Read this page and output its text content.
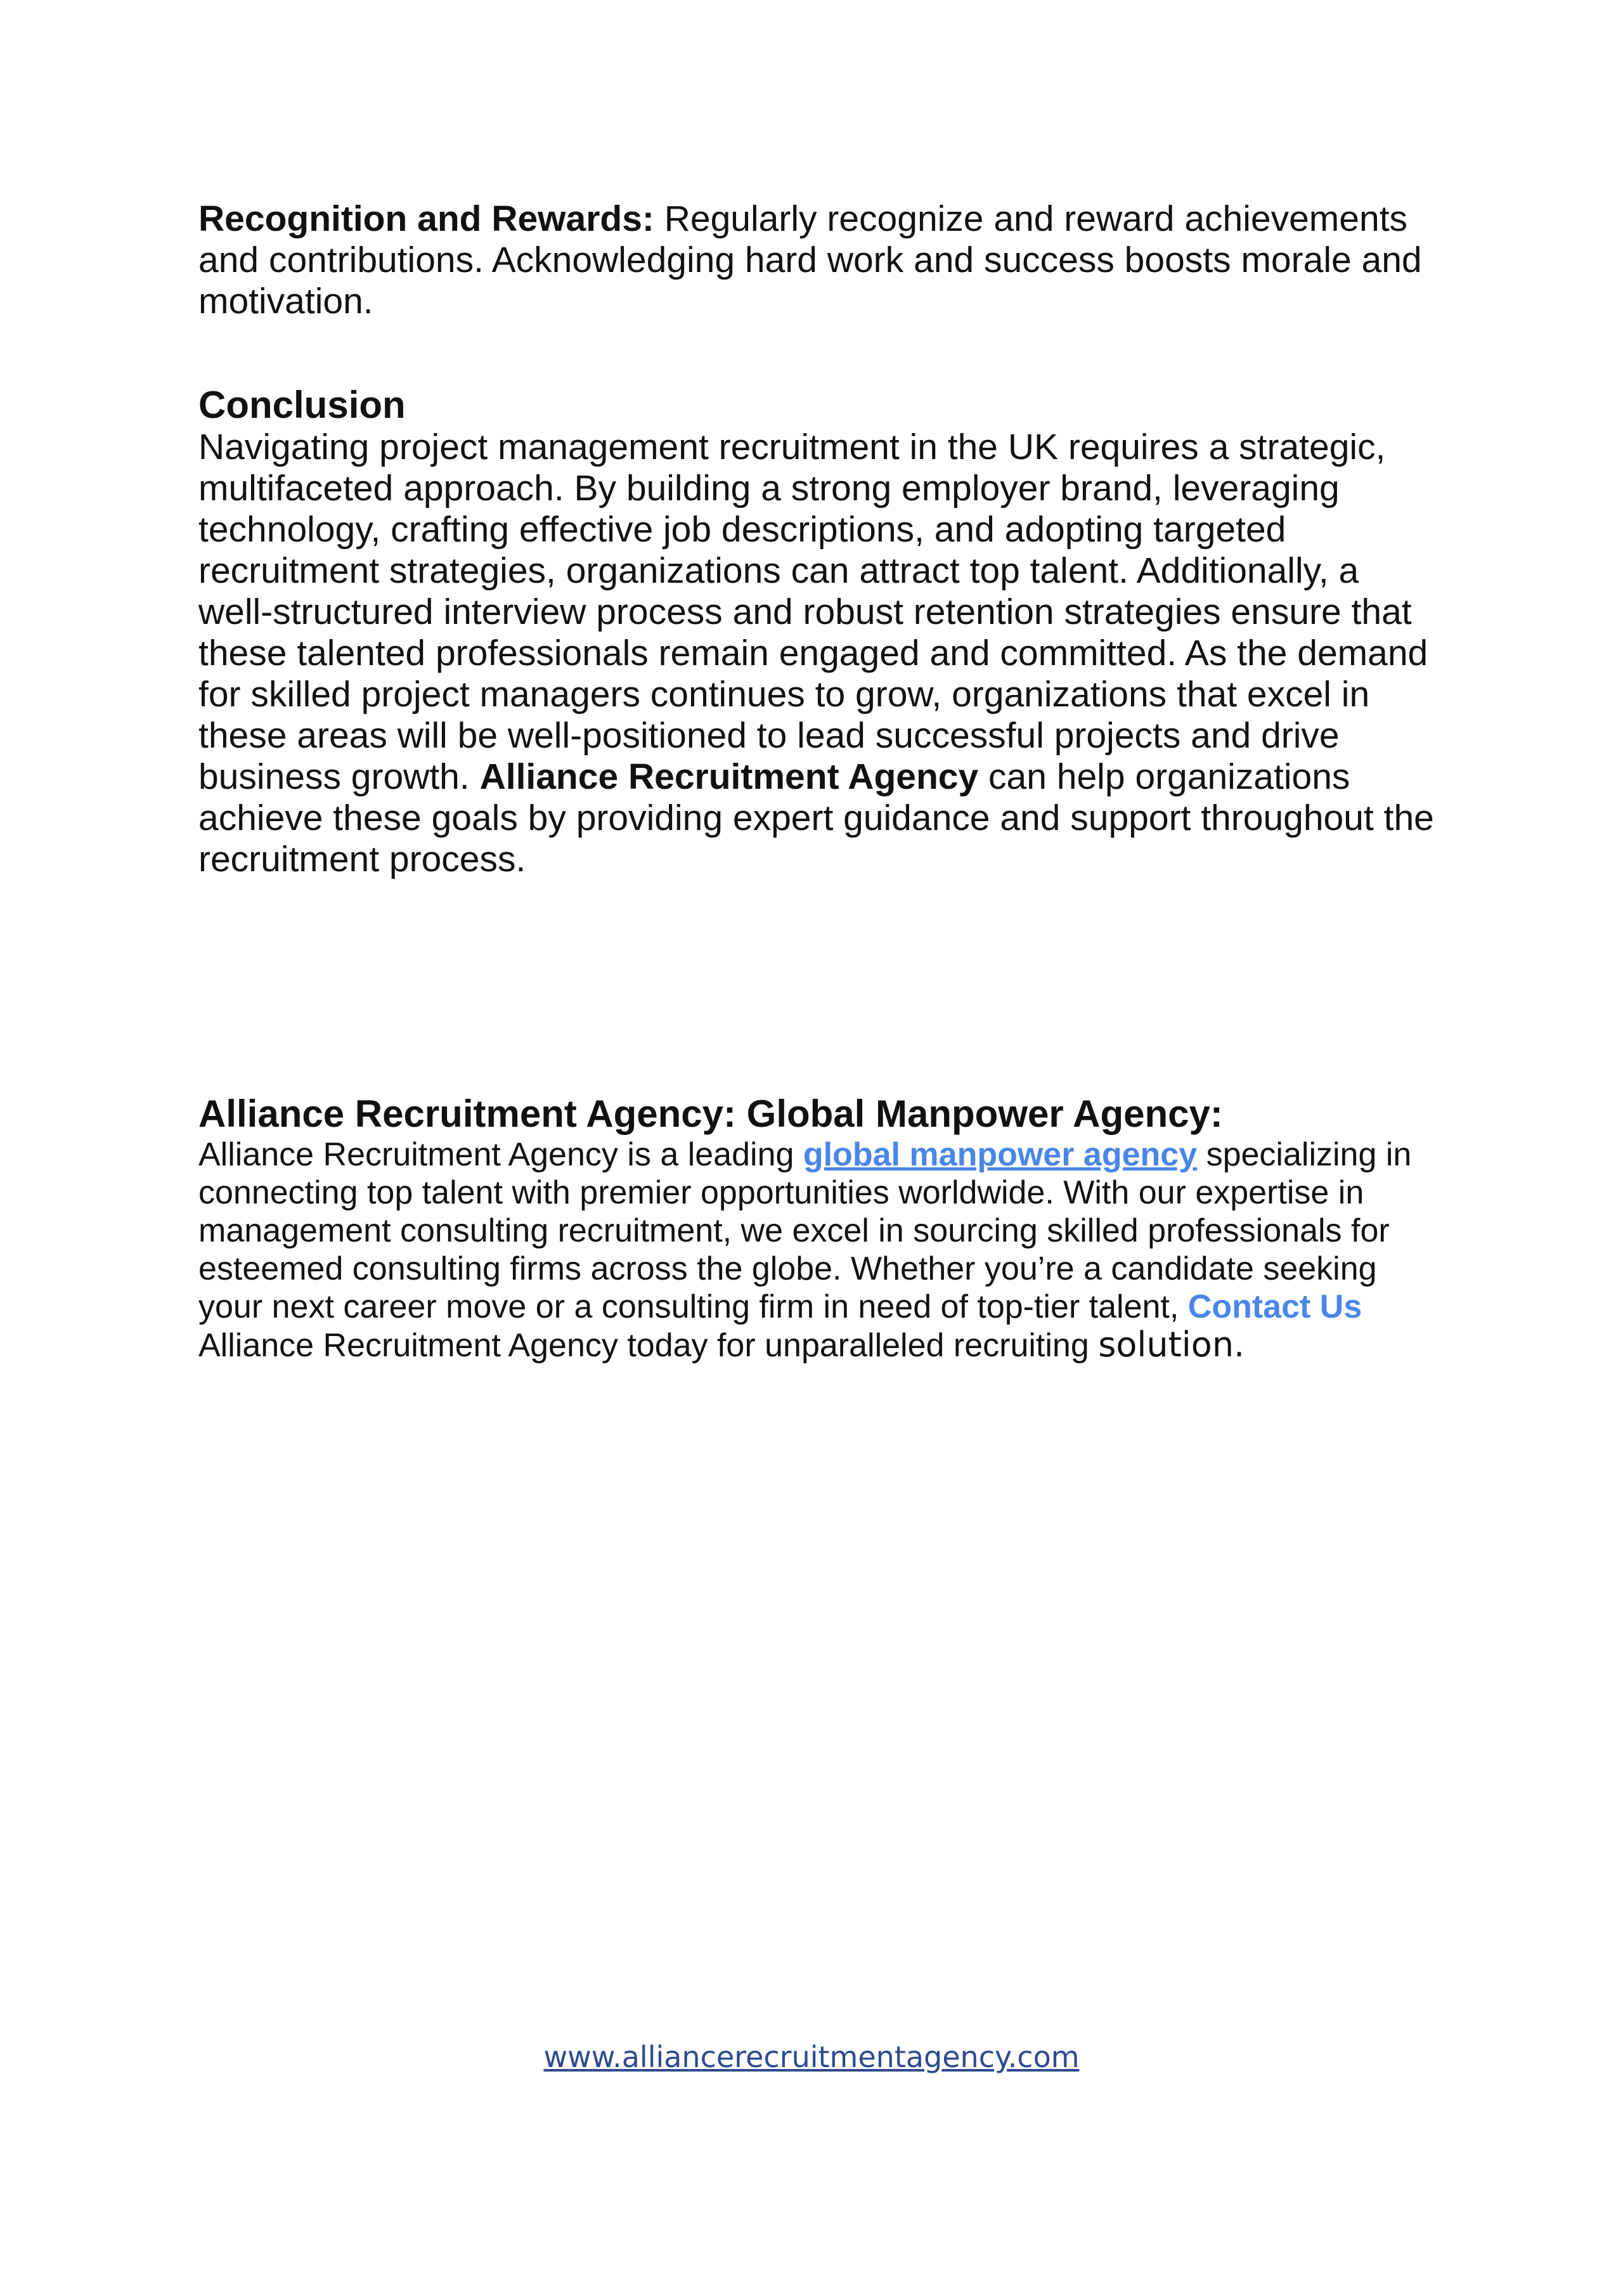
Recognition and Rewards: Regularly recognize and reward achievements and contributions. Acknowledging hard work and success boosts morale and motivation.

Conclusion

Navigating project management recruitment in the UK requires a strategic, multifaceted approach. By building a strong employer brand, leveraging technology, crafting effective job descriptions, and adopting targeted recruitment strategies, organizations can attract top talent. Additionally, a well-structured interview process and robust retention strategies ensure that these talented professionals remain engaged and committed. As the demand for skilled project managers continues to grow, organizations that excel in these areas will be well-positioned to lead successful projects and drive business growth. Alliance Recruitment Agency can help organizations achieve these goals by providing expert guidance and support throughout the recruitment process.

Alliance Recruitment Agency: Global Manpower Agency:

Alliance Recruitment Agency is a leading global manpower agency specializing in connecting top talent with premier opportunities worldwide. With our expertise in management consulting recruitment, we excel in sourcing skilled professionals for esteemed consulting firms across the globe. Whether you’re a candidate seeking your next career move or a consulting firm in need of top-tier talent, Contact Us Alliance Recruitment Agency today for unparalleled recruiting solution.

www.alliancerecruitmentagency.com
